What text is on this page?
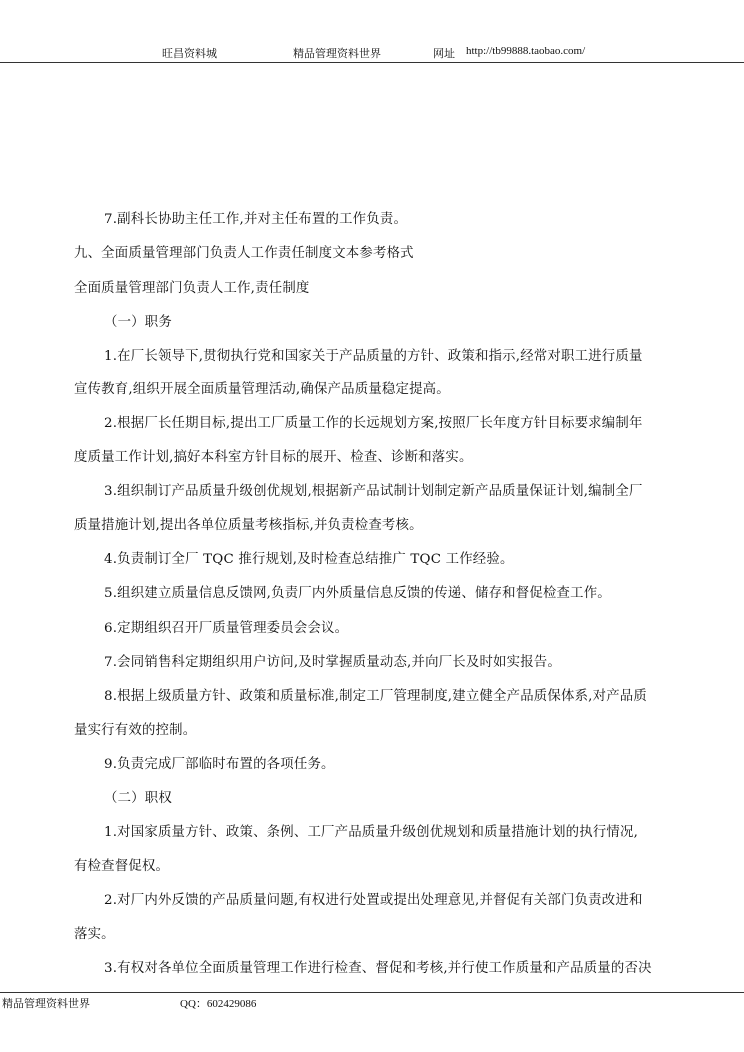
旺昌资料城	精品管理资料世界	网址 http://tb99888.taobao.com/
7.副科长协助主任工作,并对主任布置的工作负责。
九、全面质量管理部门负责人工作责任制度文本参考格式
全面质量管理部门负责人工作,责任制度
（一）职务
1.在厂长领导下,贯彻执行党和国家关于产品质量的方针、政策和指示,经常对职工进行质量
宣传教育,组织开展全面质量管理活动,确保产品质量稳定提高。
2.根据厂长任期目标,提出工厂质量工作的长远规划方案,按照厂长年度方针目标要求编制年
度质量工作计划,搞好本科室方针目标的展开、检查、诊断和落实。
3.组织制订产品质量升级创优规划,根据新产品试制计划制定新产品质量保证计划,编制全厂
质量措施计划,提出各单位质量考核指标,并负责检查考核。
4.负责制订全厂 TQC 推行规划,及时检查总结推广 TQC 工作经验。
5.组织建立质量信息反馈网,负责厂内外质量信息反馈的传递、储存和督促检查工作。
6.定期组织召开厂质量管理委员会会议。
7.会同销售科定期组织用户访问,及时掌握质量动态,并向厂长及时如实报告。
8.根据上级质量方针、政策和质量标准,制定工厂管理制度,建立健全产品质保体系,对产品质
量实行有效的控制。
9.负责完成厂部临时布置的各项任务。
（二）职权
1.对国家质量方针、政策、条例、工厂产品质量升级创优规划和质量措施计划的执行情况,
有检查督促权。
2.对厂内外反馈的产品质量问题,有权进行处置或提出处理意见,并督促有关部门负责改进和
落实。
3.有权对各单位全面质量管理工作进行检查、督促和考核,并行使工作质量和产品质量的否决
精品管理资料世界	QQ：602429086
